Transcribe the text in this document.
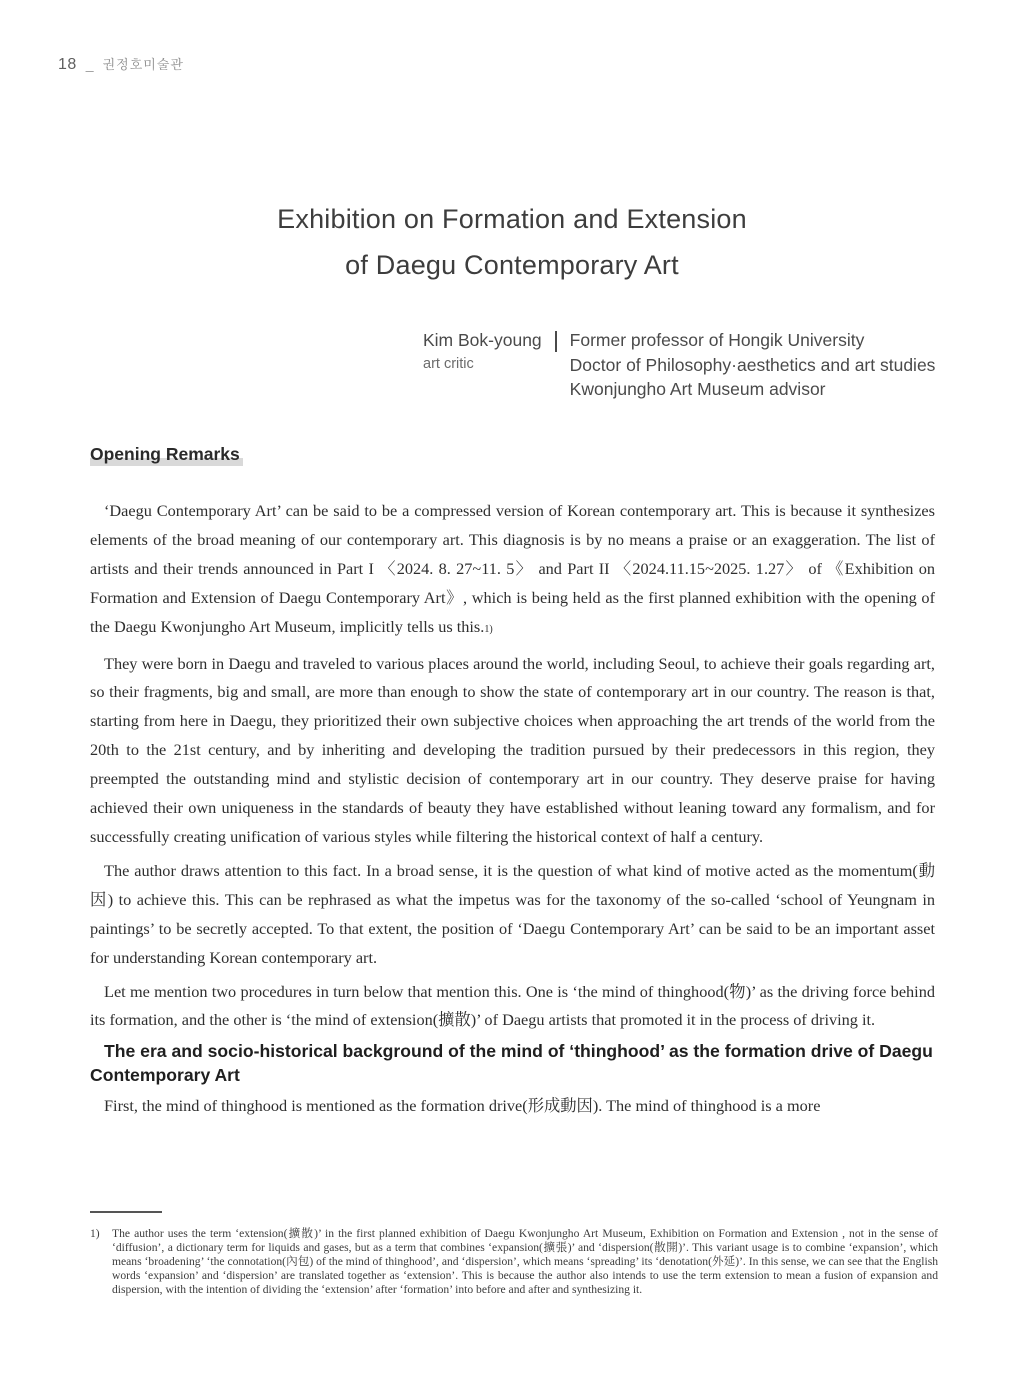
18 _ 권정호미술관
Exhibition on Formation and Extension
of Daegu Contemporary Art
Kim Bok-young
art critic
Former professor of Hongik University
Doctor of Philosophy·aesthetics and art studies
Kwonjungho Art Museum advisor
Opening Remarks

‘Daegu Contemporary Art’ can be said to be a compressed version of Korean contemporary art. This is because it synthesizes elements of the broad meaning of our contemporary art. This diagnosis is by no means a praise or an exaggeration. The list of artists and their trends announced in Part I 〈2024. 8. 27~11. 5〉 and Part II 〈2024.11.15~2025. 1.27〉 of 《Exhibition on Formation and Extension of Daegu Contemporary Art》, which is being held as the first planned exhibition with the opening of the Daegu Kwonjungho Art Museum, implicitly tells us this.1)

They were born in Daegu and traveled to various places around the world, including Seoul, to achieve their goals regarding art, so their fragments, big and small, are more than enough to show the state of contemporary art in our country. The reason is that, starting from here in Daegu, they prioritized their own subjective choices when approaching the art trends of the world from the 20th to the 21st century, and by inheriting and developing the tradition pursued by their predecessors in this region, they preempted the outstanding mind and stylistic decision of contemporary art in our country. They deserve praise for having achieved their own uniqueness in the standards of beauty they have established without leaning toward any formalism, and for successfully creating unification of various styles while filtering the historical context of half a century.

The author draws attention to this fact. In a broad sense, it is the question of what kind of motive acted as the momentum(動因) to achieve this. This can be rephrased as what the impetus was for the taxonomy of the so-called ‘school of Yeungnam in paintings’ to be secretly accepted. To that extent, the position of ‘Daegu Contemporary Art’ can be said to be an important asset for understanding Korean contemporary art.

Let me mention two procedures in turn below that mention this. One is ‘the mind of thinghood(物)’ as the driving force behind its formation, and the other is ‘the mind of extension(擴散)’ of Daegu artists that promoted it in the process of driving it.

The era and socio-historical background of the mind of ‘thinghood’ as the formation drive of Daegu Contemporary Art

First, the mind of thinghood is mentioned as the formation drive(形成動因). The mind of thinghood is a more

1)	The author uses the term ‘extension(擴散)’ in the first planned exhibition of Daegu Kwonjungho Art Museum, Exhibition on Formation and Extension , not in the sense of ‘diffusion’, a dictionary term for liquids and gases, but as a term that combines ‘expansion(擴張)’ and ‘dispersion(散開)’. This variant usage is to combine ‘expansion’, which means ‘broadening’ ‘the connotation(內包) of the mind of thinghood’, and ‘dispersion’, which means ‘spreading’ its ‘denotation(外延)’. In this sense, we can see that the English words ‘expansion’ and ‘dispersion’ are translated together as ‘extension’. This is because the author also intends to use the term extension to mean a fusion of expansion and dispersion, with the intention of dividing the ‘extension’ after ‘formation’ into before and after and synthesizing it.
